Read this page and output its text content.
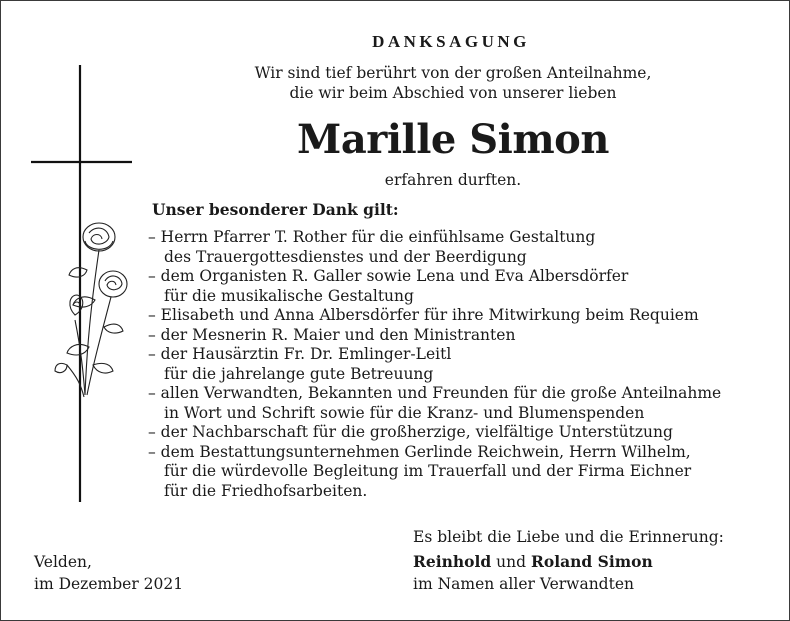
DANKSAGUNG
Wir sind tief berührt von der großen Anteilnahme,
die wir beim Abschied von unserer lieben
Marille Simon
erfahren durften.
Unser besonderer Dank gilt:
– Herrn Pfarrer T. Rother für die einfühlsame Gestaltung
des Trauergottesdienstes und der Beerdigung
– dem Organisten R. Galler sowie Lena und Eva Albersdörfer
für die musikalische Gestaltung
– Elisabeth und Anna Albersdörfer für ihre Mitwirkung beim Requiem
– der Mesnerin R. Maier und den Ministranten
– der Hausärztin Fr. Dr. Emlinger-Leitl
für die jahrelange gute Betreuung
– allen Verwandten, Bekannten und Freunden für die große Anteilnahme
in Wort und Schrift sowie für die Kranz- und Blumenspenden
– der Nachbarschaft für die großherzige, vielfältige Unterstützung
– dem Bestattungsunternehmen Gerlinde Reichwein, Herrn Wilhelm,
für die würdevolle Begleitung im Trauerfall und der Firma Eichner
für die Friedhofsarbeiten.
Es bleibt die Liebe und die Erinnerung:
Reinhold und Roland Simon
im Namen aller Verwandten
Velden,
im Dezember 2021
